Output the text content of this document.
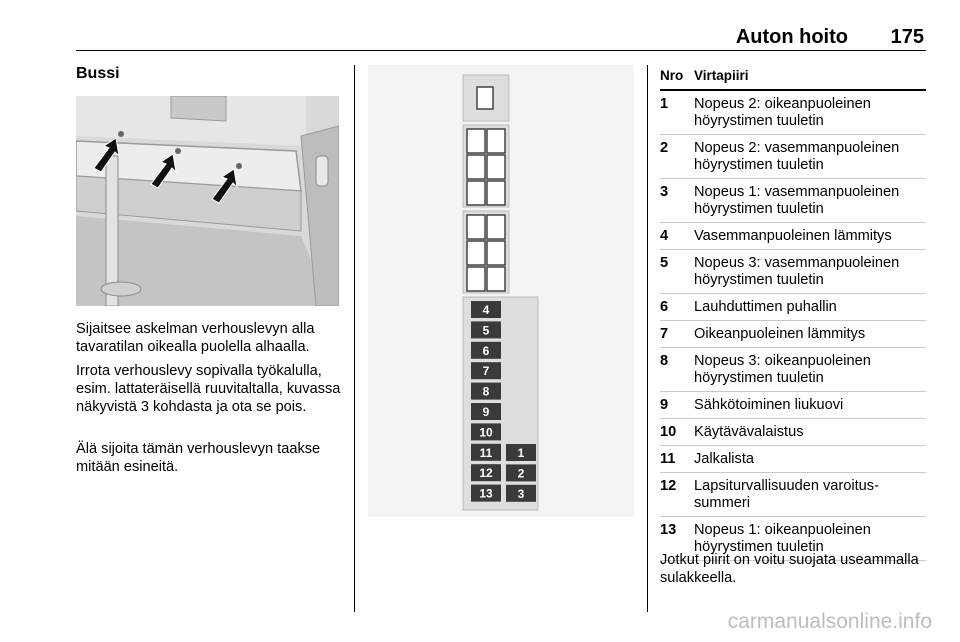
Auton hoito 175
Bussi
Sijaitsee askelman verhouslevyn alla tavaratilan oikealla puolella alhaalla.
Irrota verhouslevy sopivalla työkalulla, esim. lattateräisellä ruuvitaltalla, kuvassa näkyvistä 3 kohdasta ja ota se pois.
Älä sijoita tämän verhouslevyn taakse mitään esineitä.
4
5
6
7
8
9
10
11
12
13
1
2
3
Nro Virtapiiri
1 Nopeus 2: oikeanpuoleinen höyrystimen tuuletin
2 Nopeus 2: vasemmanpuoleinen höyrystimen tuuletin
3 Nopeus 1: vasemmanpuoleinen höyrystimen tuuletin
4 Vasemmanpuoleinen lämmitys
5 Nopeus 3: vasemmanpuoleinen höyrystimen tuuletin
6 Lauhduttimen puhallin
7 Oikeanpuoleinen lämmitys
8 Nopeus 3: oikeanpuoleinen höyrystimen tuuletin
9 Sähkötoiminen liukuovi
10 Käytävävalaistus
11 Jalkalista
12 Lapsiturvallisuuden varoitussummeri
13 Nopeus 1: oikeanpuoleinen höyrystimen tuuletin
Jotkut piirit on voitu suojata useammalla sulakkeella.
carmanualsonline.info
